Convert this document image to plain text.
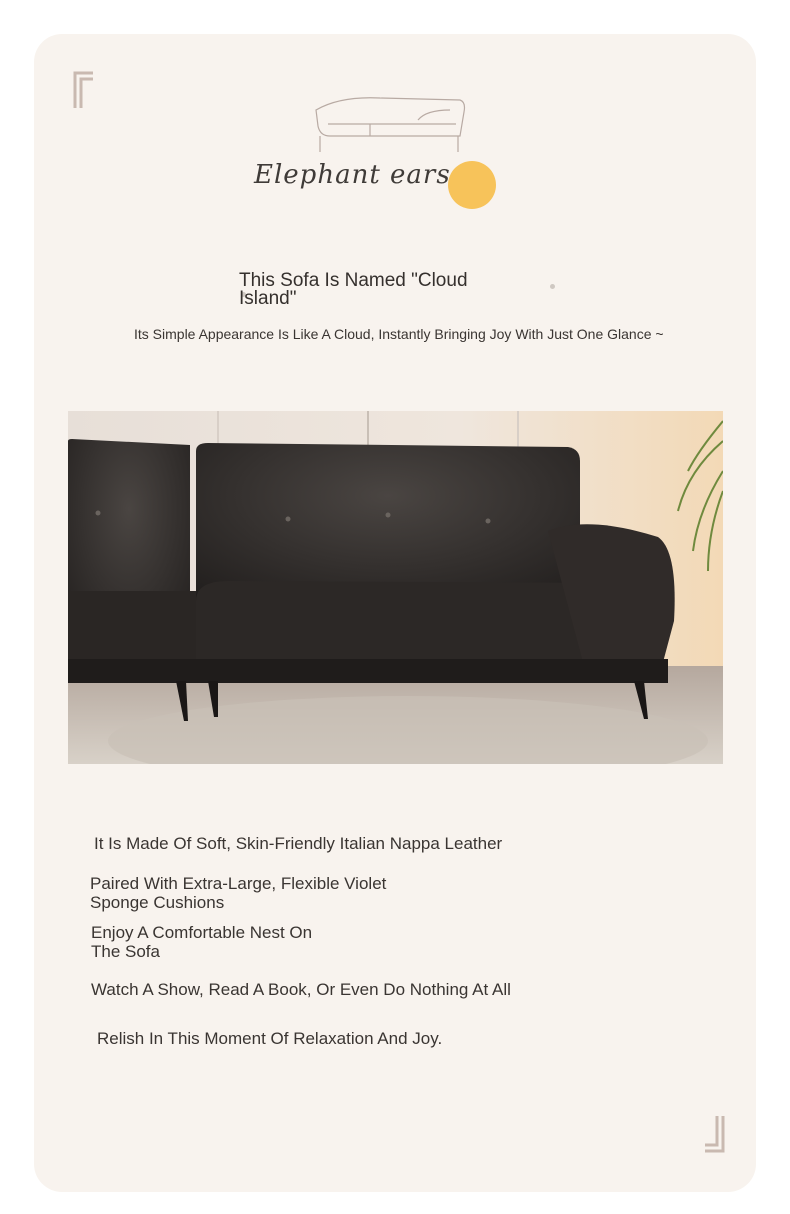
Elephant ears
This Sofa Is Named "Cloud Island"
Its Simple Appearance Is Like A Cloud, Instantly Bringing Joy With Just One Glance ~
It Is Made Of Soft, Skin-Friendly Italian Nappa Leather
Paired With Extra-Large, Flexible Violet Sponge Cushions
Enjoy A Comfortable Nest On The Sofa
Watch A Show, Read A Book, Or Even Do Nothing At All
Relish In This Moment Of Relaxation And Joy.
